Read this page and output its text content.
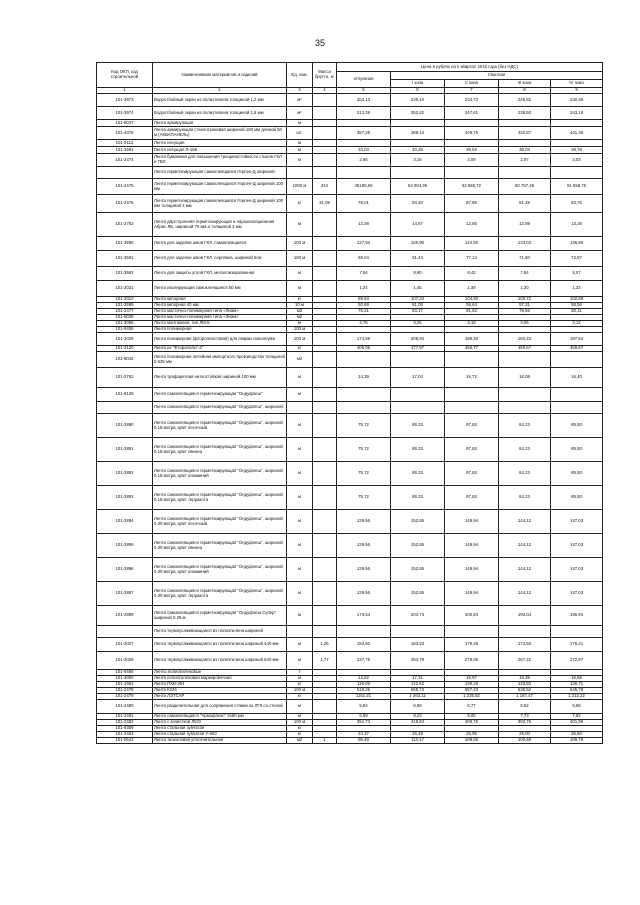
35
Код ОКП, код строительной	Наименование материалов и изделий	Ед. изм.	Масса брутто, кг	Цена в рублях на II квартал 2016 года (без НДС)				
				отпускная	Сметная			
					I зона	II зона	III зона	IV зона
1	2	3	4	5	6	7	8	9
101-3973	Водоотбойный экран из полиэтилена толщиной 1,2 мм	м²		202,13	239,10	234,73	225,92	230,36
101-3974	Водоотбойный экран из полиэтилена толщиной 1,6 мм	м²		213,39	252,42	247,61	238,50	243,19
101-9037	Лента армирующая	м						
101-4376	Лента армирующая стеклотканевая шириной 100 мм длиной 50 м (АКВАПАНЕЛЬ)	шт.		387,28	458,14	449,76	432,87	441,38
101-9112	Лента несущая	м						
101-2581	Лента несущая Л-168	м		34,03	40,25	39,52	38,03	38,78
101-2474	Лента бумажная для повышения трещиностойкости стыков ГКЛ и ГВЛ	м		2,66	3,15	3,09	2,97	3,03
	Лента герметизирующая самоклеящаяся Герлен-Д шириной							
101-2475	Лента герметизирующая самоклеящаяся Герлен-Д шириной 100 мм	1000 м	424	45190,66	54 004,39	52 865,72	50 797,49	51 658,76
101-2476	Лента герметизирующая самоклеящаяся Герлен-Д шириной 100 мм толщиной 3 мм	кг	31,08	78,01	93,20	87,85	81,28	83,76
101-2762	Лента двусторонняя герметизирующая и пароизоляционная Абрис ЛБ, шириной 70 мм и толщиной 2 мм	м		12,38	14,67	13,85	12,89	13,26
101-3590	Лента для заделки швов ГКЛ, самоклеящаяся	100 м		127,93	150,90	142,92	133,03	136,86
101-3591	Лента для заделки швов ГКЛ, серпянка, шириной 5см	100 м		69,04	81,44	77,14	71,80	73,87
101-3592	Лента для защиты углов ГКЛ, металлизированная	м		7,54	8,90	8,42	7,84	8,07
101-2031	Лента изолирующая самоклеящаяся 50 мм	м		1,24	1,45	1,39	1,30	1,33
101-2010	Лента кипорная	кг		89,63	107,34	104,80	100,72	102,88
101-3595	Лента кипорная 40 мм	10 м		50,69	61,08	59,64	57,31	58,55
101-2477	Лента мастично-полимерная типа «Лиам»	м2		76,21	83,17	81,62	78,56	80,11
101-9039	Лента мастично-полимерная типа «Лиам»	м2						
101-3056	Лента монтажная, тип ЛМ-5	м		2,75	3,25	3,18	3,06	3,12
101-9456	Лента полимерная	100 м						
101-2025	Лента полимерная (фторопластовая) для сварки линолеума	100 м		174,68	208,94	196,49	182,23	187,64
101-3120	Лента из "Фторопласт-4"	кг		405,05	477,97	466,77	450,57	459,67
101-9042	Лента полимерная литейная импортного производства толщиной 0,635 мм	м2						
101-2762	Лента трафаретная ниткостойкая шириной 100 мм	м		14,39	17,04	16,72	16,08	16,40
101-9139	Лента самоклеящаяся герметизирующая "Ондуфлеш"	м						
	Лента самоклеящаяся герметизирующая "Ондуфлеш", шириной:							
101-2890	Лента самоклеящаяся герметизирующая "Ондуфлеш", шириной 0,15 метра, цвет песочный	м		75,72	89,33	87,63	84,23	85,93
101-2891	Лента самоклеящаяся герметизирующая "Ондуфлеш", шириной 0,15 метра, цвет свинец	м		75,72	89,33	87,63	84,23	85,93
101-2892	Лента самоклеящаяся герметизирующая "Ондуфлеш", шириной 0,15 метра, цвет алюминий	м		75,72	89,33	87,63	84,23	85,93
101-2893	Лента самоклеящаяся герметизирующая "Ондуфлеш", шириной 0,15 метра, цвет терракота	м		75,72	89,33	87,63	84,23	85,93
101-2894	Лента самоклеящаяся герметизирующая "Ондуфлеш", шириной 0,30 метра, цвет песочный	м		129,56	152,85	149,94	144,12	147,03
101-2895	Лента самоклеящаяся герметизирующая "Ондуфлеш", шириной 0,30 метра, цвет свинец	м		129,56	152,85	149,94	144,12	147,03
101-2896	Лента самоклеящаяся герметизирующая "Ондуфлеш", шириной 0,30 метра, цвет алюминий	м		129,56	152,85	149,94	144,12	147,03
101-2897	Лента самоклеящаяся герметизирующая "Ондуфлеш", шириной 0,30 метра, цвет терракота	м		129,56	152,85	149,94	144,12	147,03
101-2899	Лента самоклеящаяся герметизирующая "Ондуфлеш Супер" шириной 0,28 м	м		173,54	204,73	200,84	193,04	196,94
	Лента термоусаживающаяся из полиэтилена шириной							
101-2027	Лента термоусаживающаяся из полиэтилена шириной 440 мм	м	1,25	153,50	183,83	179,49	172,50	176,21
101-2028	Лента термоусаживающаяся из полиэтилена шириной 640 мм	м	1,77	237,79	284,79	278,06	267,22	272,97
101-9466	Ленты полиэтиленовые	т						
101-3050	Лента полиэтиленовая маркировочная	м		14,62	17,31	16,97	16,35	16,66
101-1951	Лента ПХВ-304	кг		118,09	142,62	139,25	133,83	136,71
101-2478	Лента К226	100 м		519,26	568,73	557,43	535,52	545,78
101-2479	Лента ЛЭТСАР	кг		1151,21	1 263,11	1 235,82	1 187,47	1 212,22
101-2480	Лента разделительная для сопряжения стяжки из ЛГК со стеной	м		5,84	6,89	6,77	6,52	6,68
101-2481	Лента самоклеящаяся "Армофлекс" 3х50 мм	м		6,59	8,23	8,05	7,73	7,92
101-2482	Лента с зачисткой ЛМЭ	100 м		351,73	418,84	409,76	393,76	401,96
101-9308	Лента стальная зубчатая	кг						
101-2483	Лента стальная зубчатая У-653	кг		24,37	26,49	25,96	25,00	25,50
101-0541	Лента тиоколовая уплотнительная	м2	1	96,49	113,17	108,66	100,59	109,79
